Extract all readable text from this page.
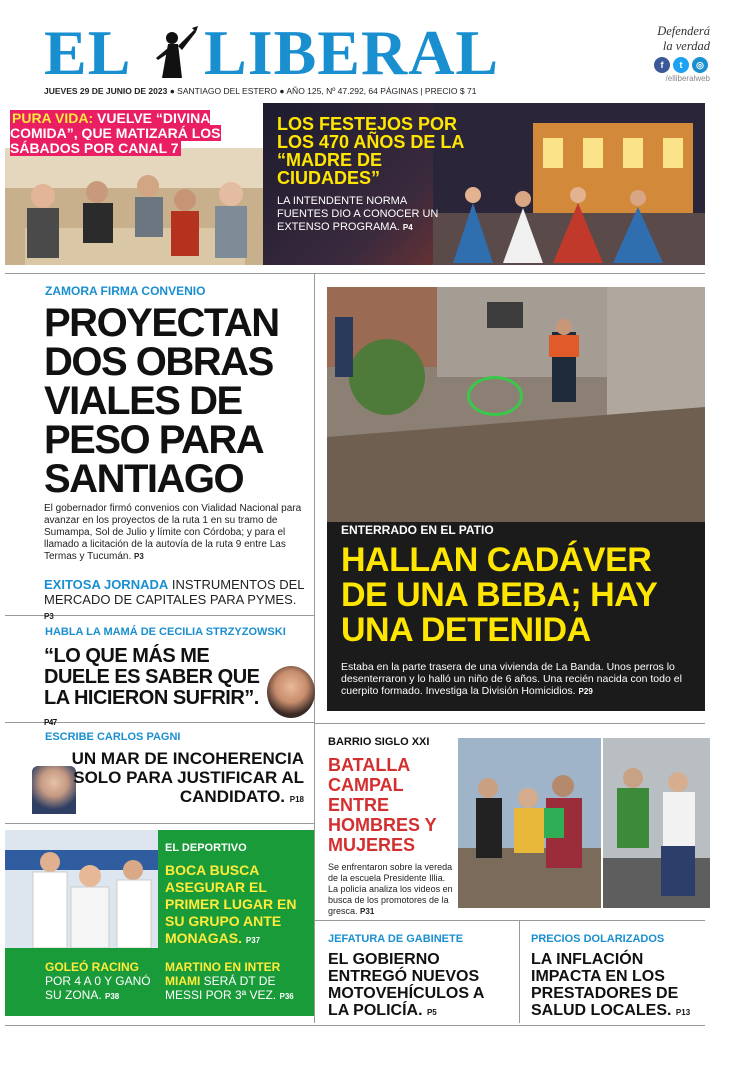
EL LIBERAL
JUEVES 29 DE JUNIO DE 2023 ● SANTIAGO DEL ESTERO ● AÑO 125, Nº 47.292, 64 PÁGINAS | PRECIO $ 71
Defenderá
la verdad
f	t	◎
/elliberalweb
PURA VIDA: VUELVE “DIVINA COMIDA”, QUE MATIZARÁ LOS SÁBADOS POR CANAL 7
LOS FESTEJOS POR LOS 470 AÑOS DE LA “MADRE DE CIUDADES”
LA INTENDENTE NORMA FUENTES DIO A CONOCER UN EXTENSO PROGRAMA. P4
ZAMORA FIRMA CONVENIO
PROYECTAN DOS OBRAS VIALES DE PESO PARA SANTIAGO
El gobernador firmó convenios con Vialidad Nacional para avanzar en los proyectos de la ruta 1 en su tramo de Sumampa, Sol de Julio y límite con Córdoba; y para el llamado a licitación de la autovía de la ruta 9 entre Las Termas y Tucumán. P3
EXITOSA JORNADA INSTRUMENTOS DEL MERCADO DE CAPITALES PARA PYMES. P3
HABLA LA MAMÁ DE CECILIA STRZYZOWSKI
“LO QUE MÁS ME DUELE ES SABER QUE LA HICIERON SUFRIR”. P47
ESCRIBE CARLOS PAGNI
UN MAR DE INCOHERENCIA SOLO PARA JUSTIFICAR AL CANDIDATO. P18
EL DEPORTIVO
BOCA BUSCA ASEGURAR EL PRIMER LUGAR EN SU GRUPO ANTE MONAGAS. P37
GOLEÓ RACING POR 4 A 0 Y GANÓ SU ZONA. P38
MARTINO EN INTER MIAMI SERÁ DT DE MESSI POR 3ª VEZ. P36
ENTERRADO EN EL PATIO
HALLAN CADÁVER DE UNA BEBA; HAY UNA DETENIDA
Estaba en la parte trasera de una vivienda de La Banda. Unos perros lo desenterraron y lo halló un niño de 6 años. Una recién nacida con todo el cuerpito formado. Investiga la División Homicidios. P29
BARRIO SIGLO XXI
BATALLA CAMPAL ENTRE HOMBRES Y MUJERES
Se enfrentaron sobre la vereda de la escuela Presidente Illia. La policía analiza los videos en busca de los promotores de la gresca. P31
JEFATURA DE GABINETE
EL GOBIERNO ENTREGÓ NUEVOS MOTOVEHÍCULOS A LA POLICÍA. P5
PRECIOS DOLARIZADOS
LA INFLACIÓN IMPACTA EN LOS PRESTADORES DE SALUD LOCALES. P13
